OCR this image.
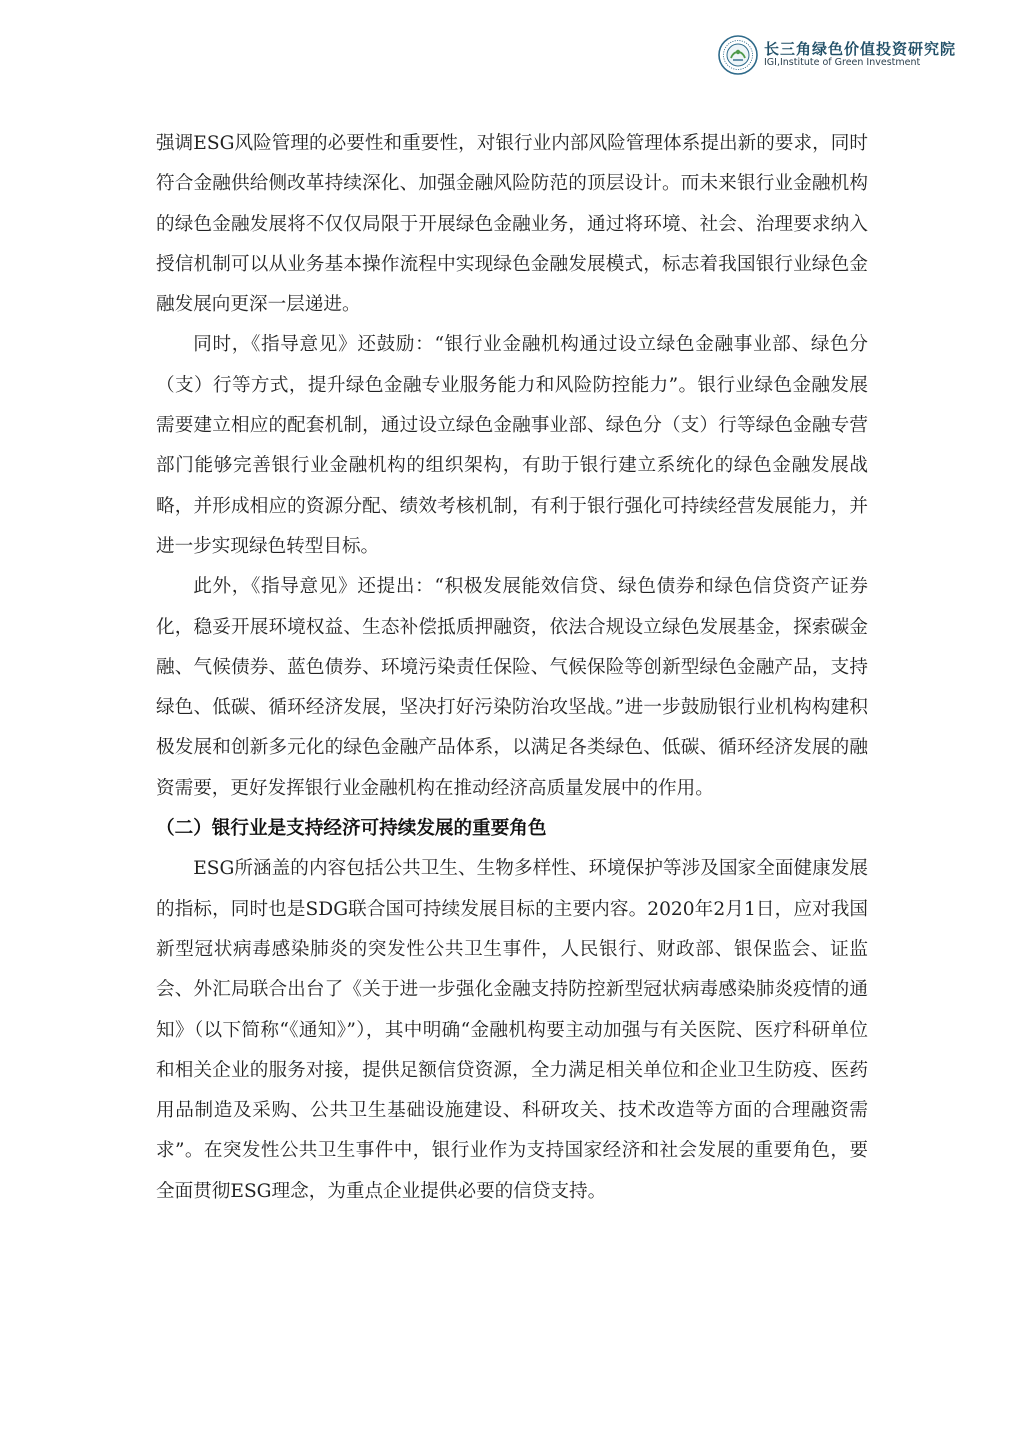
长三角绿色价值投资研究院
IGI,Institute of Green Investment

强调ESG风险管理的必要性和重要性，对银行业内部风险管理体系提出新的要求，同时符合金融供给侧改革持续深化、加强金融风险防范的顶层设计。而未来银行业金融机构的绿色金融发展将不仅仅局限于开展绿色金融业务，通过将环境、社会、治理要求纳入授信机制可以从业务基本操作流程中实现绿色金融发展模式，标志着我国银行业绿色金融发展向更深一层递进。

同时，《指导意见》还鼓励：“银行业金融机构通过设立绿色金融事业部、绿色分（支）行等方式，提升绿色金融专业服务能力和风险防控能力”。银行业绿色金融发展需要建立相应的配套机制，通过设立绿色金融事业部、绿色分（支）行等绿色金融专营部门能够完善银行业金融机构的组织架构，有助于银行建立系统化的绿色金融发展战略，并形成相应的资源分配、绩效考核机制，有利于银行强化可持续经营发展能力，并进一步实现绿色转型目标。

此外，《指导意见》还提出：“积极发展能效信贷、绿色债券和绿色信贷资产证券化，稳妥开展环境权益、生态补偿抵质押融资，依法合规设立绿色发展基金，探索碳金融、气候债券、蓝色债券、环境污染责任保险、气候保险等创新型绿色金融产品，支持绿色、低碳、循环经济发展，坚决打好污染防治攻坚战。”进一步鼓励银行业机构构建积极发展和创新多元化的绿色金融产品体系，以满足各类绿色、低碳、循环经济发展的融资需要，更好发挥银行业金融机构在推动经济高质量发展中的作用。

（二）银行业是支持经济可持续发展的重要角色

ESG所涵盖的内容包括公共卫生、生物多样性、环境保护等涉及国家全面健康发展的指标，同时也是SDG联合国可持续发展目标的主要内容。2020年2月1日，应对我国新型冠状病毒感染肺炎的突发性公共卫生事件，人民银行、财政部、银保监会、证监会、外汇局联合出台了《关于进一步强化金融支持防控新型冠状病毒感染肺炎疫情的通知》（以下简称“《通知》”），其中明确“金融机构要主动加强与有关医院、医疗科研单位和相关企业的服务对接，提供足额信贷资源，全力满足相关单位和企业卫生防疫、医药用品制造及采购、公共卫生基础设施建设、科研攻关、技术改造等方面的合理融资需求”。在突发性公共卫生事件中，银行业作为支持国家经济和社会发展的重要角色，要全面贯彻ESG理念，为重点企业提供必要的信贷支持。
